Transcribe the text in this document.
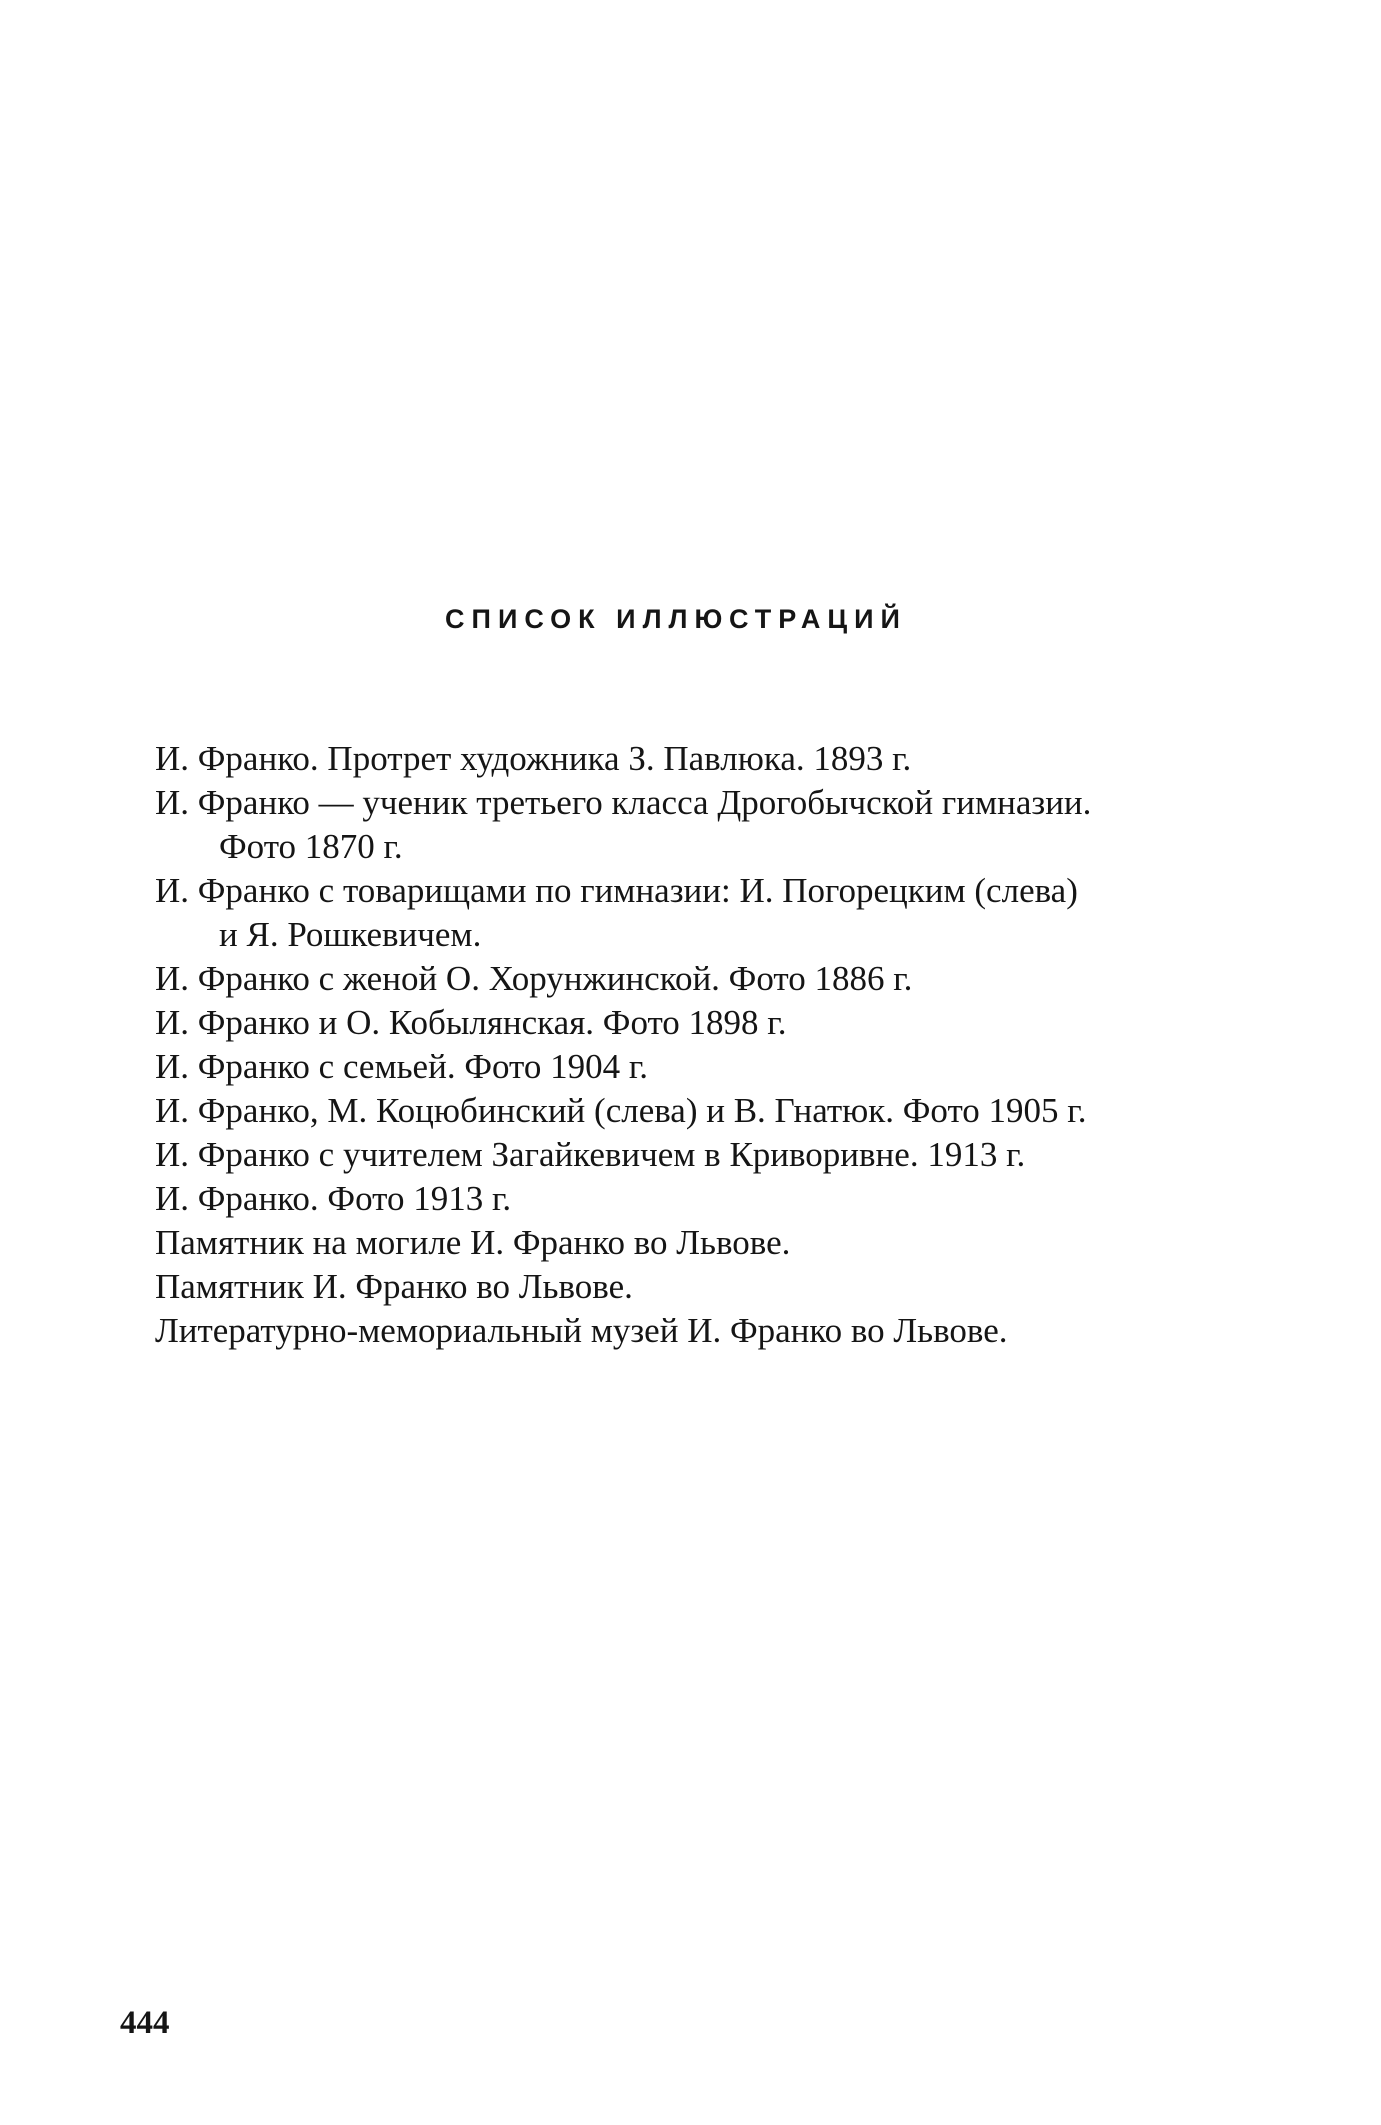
СПИСОК ИЛЛЮСТРАЦИЙ
И. Франко. Протрет художника З. Павлюка. 1893 г.
И. Франко — ученик третьего класса Дрогобычской гимназии.
Фото 1870 г.
И. Франко с товарищами по гимназии: И. Погорецким (слева)
и Я. Рошкевичем.
И. Франко с женой О. Хорунжинской. Фото 1886 г.
И. Франко и О. Кобылянская. Фото 1898 г.
И. Франко с семьей. Фото 1904 г.
И. Франко, М. Коцюбинский (слева) и В. Гнатюк. Фото 1905 г.
И. Франко с учителем Загайкевичем в Криворивне. 1913 г.
И. Франко. Фото 1913 г.
Памятник на могиле И. Франко во Львове.
Памятник И. Франко во Львове.
Литературно-мемориальный музей И. Франко во Львове.
444
